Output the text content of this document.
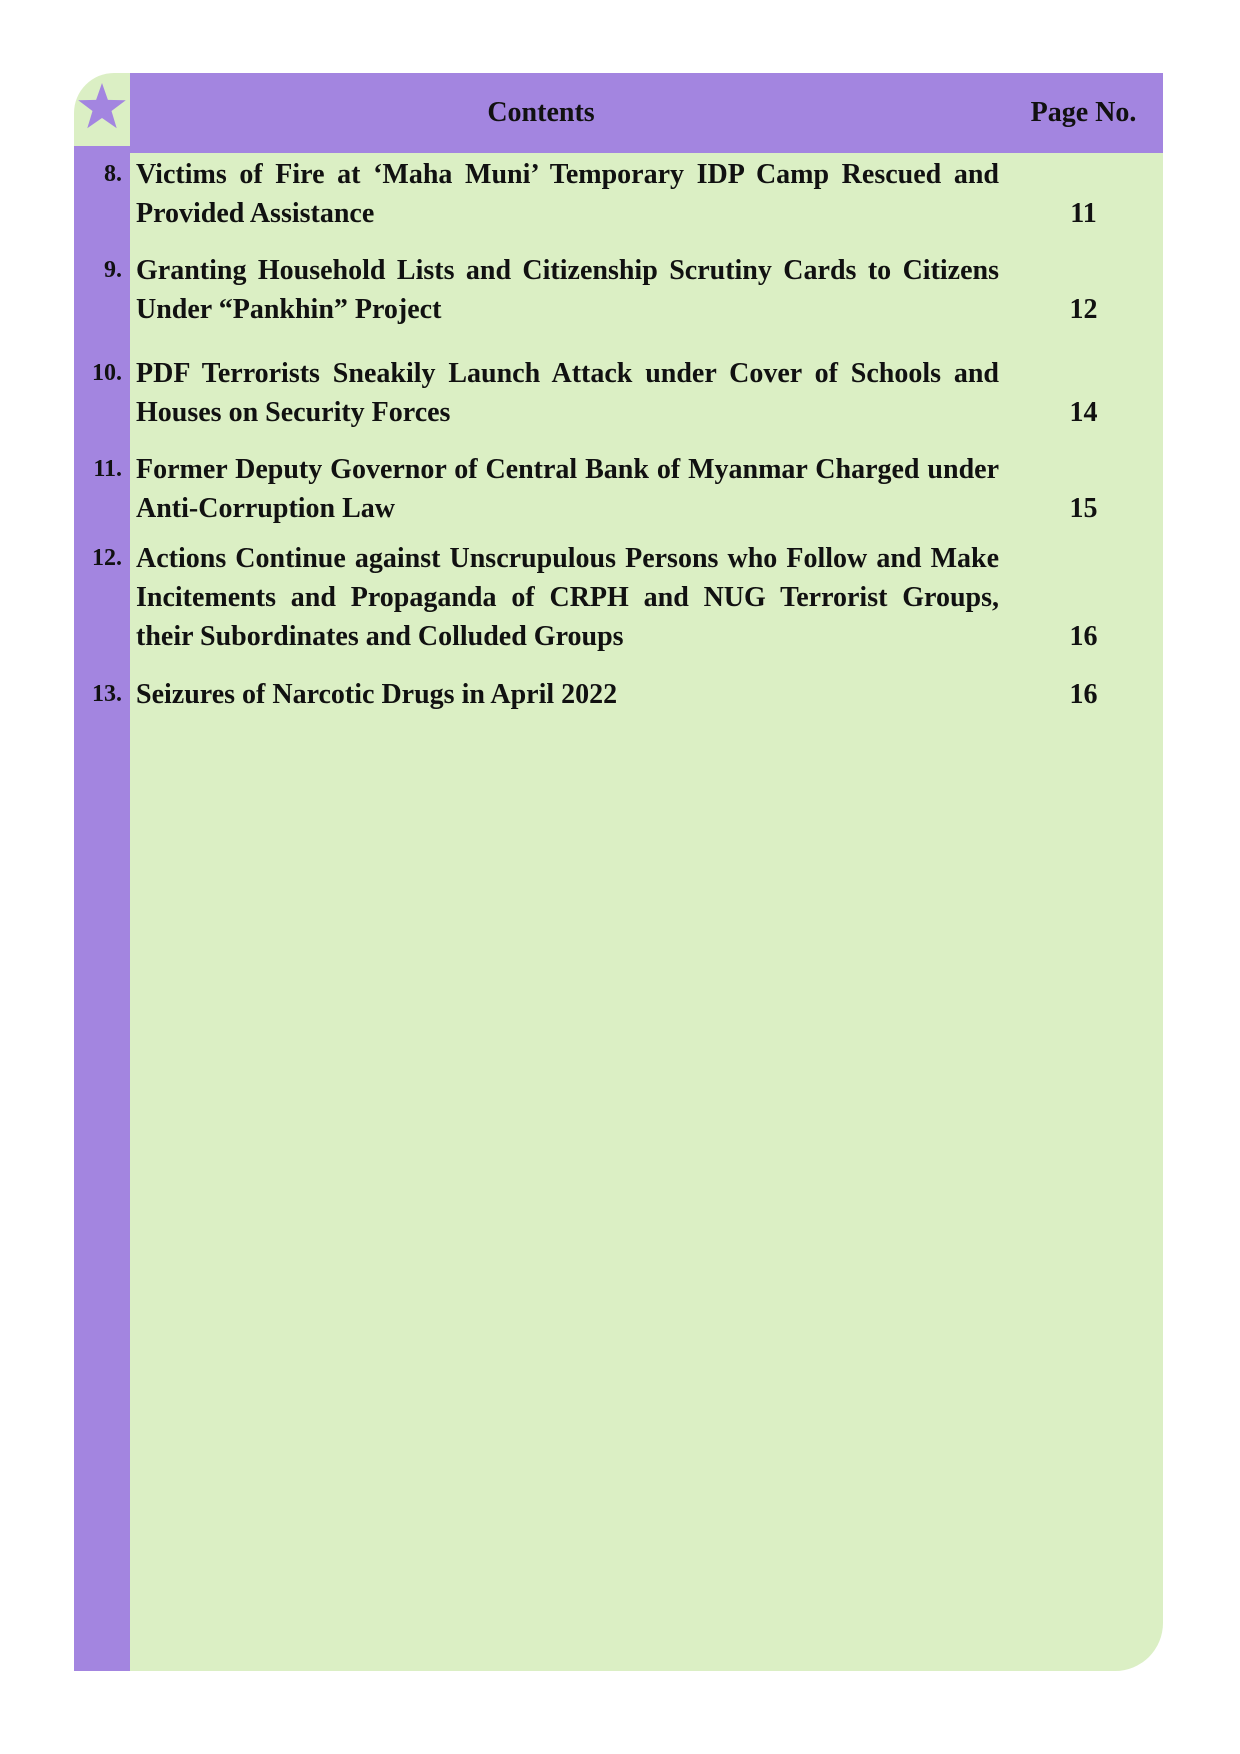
Contents	Page No.
8. Victims of Fire at ‘Maha Muni’ Temporary IDP Camp Rescued and Provided Assistance	11
9. Granting Household Lists and Citizenship Scrutiny Cards to Citizens Under “Pankhin” Project	12
10. PDF Terrorists Sneakily Launch Attack under Cover of Schools and Houses on Security Forces	14
11. Former Deputy Governor of Central Bank of Myanmar Charged under Anti-Corruption Law	15
12. Actions Continue against Unscrupulous Persons who Follow and Make Incitements and Propaganda of CRPH and NUG Terrorist Groups, their Subordinates and Colluded Groups	16
13. Seizures of Narcotic Drugs in April 2022	16
